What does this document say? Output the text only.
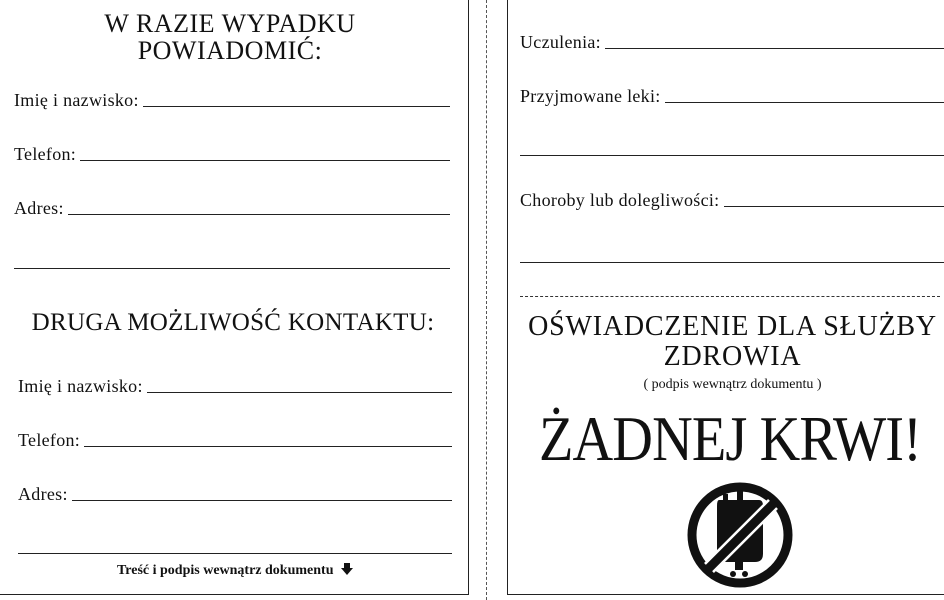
W RAZIE WYPADKU POWIADOMIĆ:
Imię i nazwisko:
Telefon:
Adres:
DRUGA MOŻLIWOŚĆ KONTAKTU:
Imię i nazwisko:
Telefon:
Adres:
Treść i podpis wewnątrz dokumentu
Uczulenia:
Przyjmowane leki:
Choroby lub dolegliwości:
OŚWIADCZENIE DLA SŁUŻBY ZDROWIA
( podpis wewnątrz dokumentu )
ŻADNEJ KRWI!
